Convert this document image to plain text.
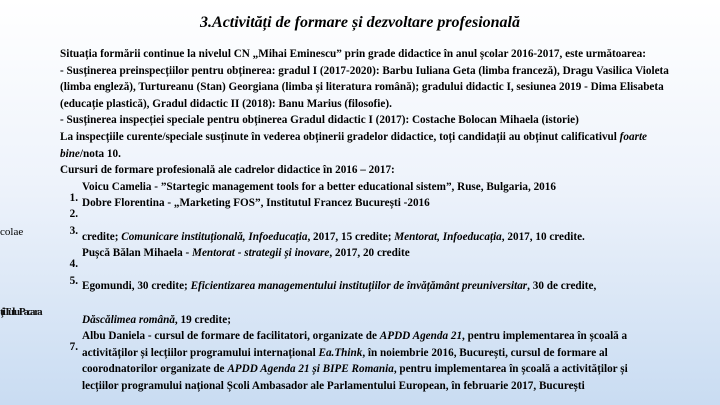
3.Activități de formare și dezvoltare profesională
colae
ţiiTul u Paca ra
Situația formării continue la nivelul CN „Mihai Eminescu” prin grade didactice în anul școlar 2016-2017, este următoarea:
- Susținerea preinspecțiilor pentru obținerea: gradul I (2017-2020): Barbu Iuliana Geta (limba franceză), Dragu Vasilica Violeta
(limba engleză), Turtureanu (Stan) Georgiana (limba și literatura română); gradului didactic I, sesiunea 2019 - Dima Elisabeta
(educație plastică), Gradul didactic II (2018): Banu Marius (filosofie).
- Susținerea inspecției speciale pentru obținerea Gradul didactic I (2017): Costache Bolocan Mihaela (istorie)
La inspecțiile curente/speciale susținute în vederea obținerii gradelor didactice, toți candidații au obținut calificativul foarte
bine/nota 10.
Cursuri de formare profesională ale cadrelor didactice în 2016 – 2017:
1.
Voicu Camelia - ”Startegic management tools for a better educational sistem”, Ruse, Bulgaria, 2016
2.
Dobre Florentina - „Marketing FOS”, Institutul Francez București -2016
3. credite; Comunicare instituțională, Infoeducația, 2017, 15 credite; Mentorat, Infoeducația, 2017, 10 credite.
4.
Pușcă Bălan Mihaela - Mentorat - strategii și inovare, 2017, 20 credite
5. Egomundi, 30 credite; Eficientizarea managementului instituțiilor de învățământ preuniversitar, 30 de credite,
Dăscălimea română, 19 credite;
7.
Albu Daniela - cursul de formare de facilitatori, organizate de APDD Agenda 21, pentru implementarea în școală a
activităților și lecțiilor programului internațional Ea.Think, în noiembrie 2016, București, cursul de formare al
coorodnatorilor organizate de APDD Agenda 21 și BIPE Romania, pentru implementarea în școală a activităților și
lecțiilor programului național Școli Ambasador ale Parlamentului European, în februarie 2017, București
